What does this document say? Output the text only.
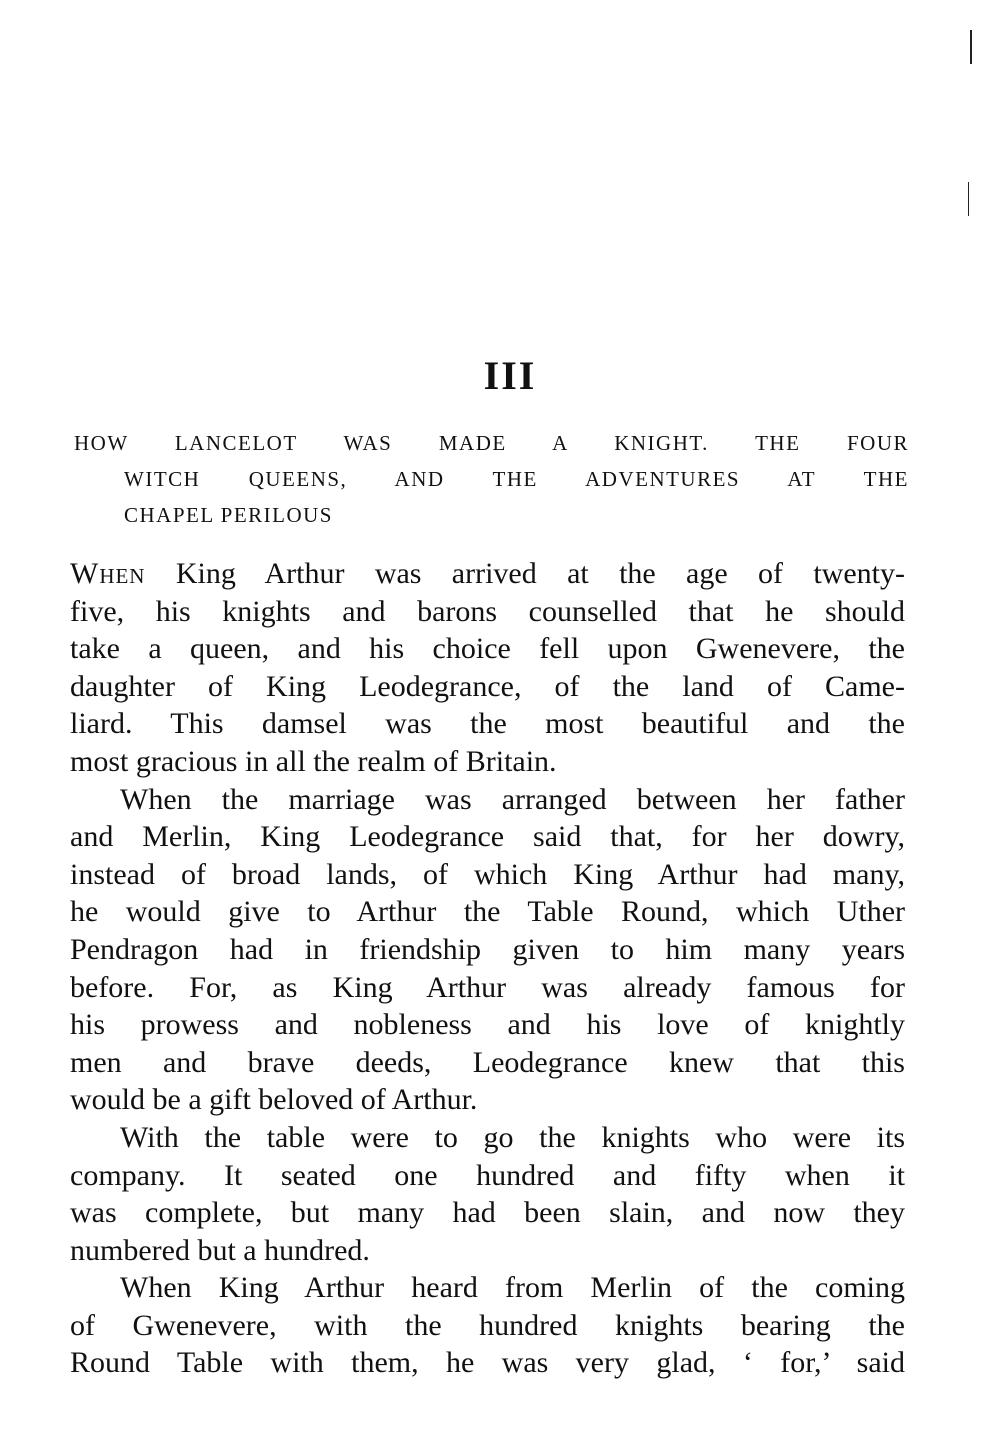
III
HOW LANCELOT WAS MADE A KNIGHT. THE FOUR
WITCH QUEENS, AND THE ADVENTURES AT THE
CHAPEL PERILOUS
When King Arthur was arrived at the age of twenty-
five, his knights and barons counselled that he should
take a queen, and his choice fell upon Gwenevere, the
daughter of King Leodegrance, of the land of Came-
liard. This damsel was the most beautiful and the
most gracious in all the realm of Britain.
When the marriage was arranged between her father
and Merlin, King Leodegrance said that, for her dowry,
instead of broad lands, of which King Arthur had many,
he would give to Arthur the Table Round, which Uther
Pendragon had in friendship given to him many years
before. For, as King Arthur was already famous for
his prowess and nobleness and his love of knightly
men and brave deeds, Leodegrance knew that this
would be a gift beloved of Arthur.
With the table were to go the knights who were its
company. It seated one hundred and fifty when it
was complete, but many had been slain, and now they
numbered but a hundred.
When King Arthur heard from Merlin of the coming
of Gwenevere, with the hundred knights bearing the
Round Table with them, he was very glad, ‘ for,’ said
